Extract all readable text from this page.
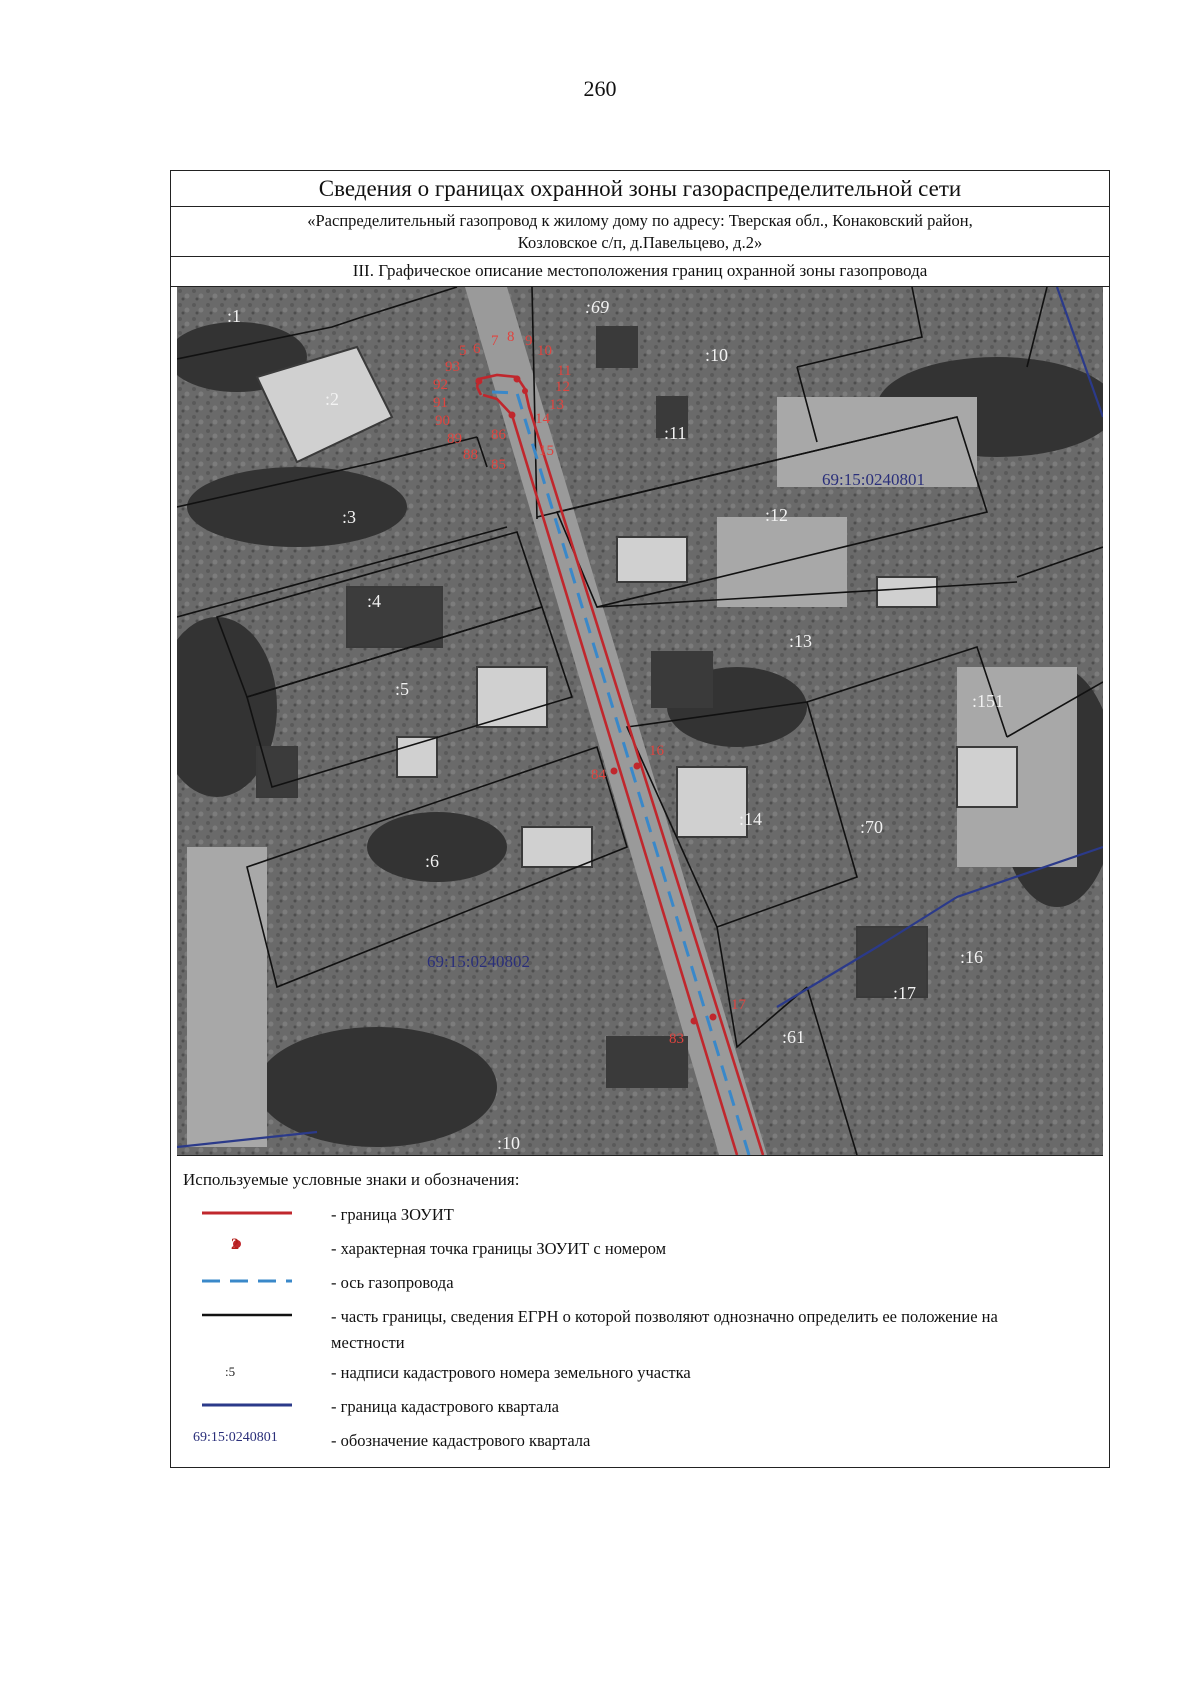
260
Сведения о границах охранной зоны газораспределительной сети
«Распределительный газопровод к жилому дому по адресу: Тверская обл., Конаковский район,
Козловское с/п, д.Павельцево, д.2»
III. Графическое описание местоположения границ охранной зоны газопровода
69:15:0240801
69:15:0240802
:1
:2
:3
:4
:5
:6
:69
:10
:11
:12
:13
:14
:151
:70
:16
:17
:61
:10
5 6 7 8 9
10
11
12
13
14
15
93
92
91
90
89
88
86
85
16
84
17
83
Используемые условные знаки и обозначения:
- граница ЗОУИТ
2	- характерная точка границы ЗОУИТ с номером
- ось газопровода
- часть границы, сведения ЕГРН о которой позволяют однозначно определить ее положение на местности
:5	- надписи кадастрового номера земельного участка
- граница кадастрового квартала
69:15:0240801	- обозначение кадастрового квартала
